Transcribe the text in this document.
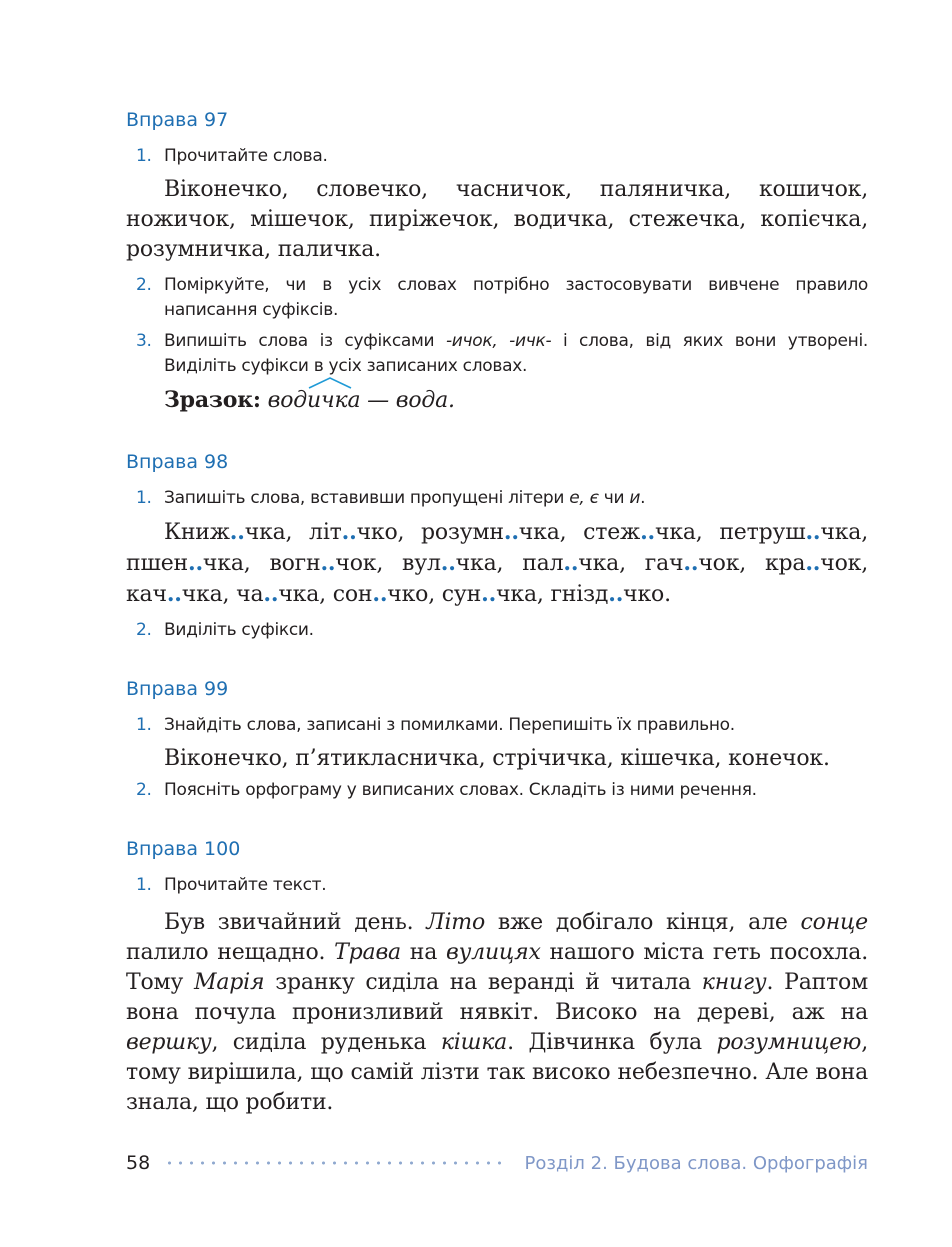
Вправа 97
1. Прочитайте слова.
Віконечко, словечко, часничок, паляничка, кошичок, ножичок, мішечок, пиріжечок, водичка, стежечка, копієчка, розумничка, паличка.
2. Поміркуйте, чи в усіх словах потрібно застосовувати вивчене правило написання суфіксів.
3. Випишіть слова із суфіксами -ичок, -ичк- і слова, від яких вони утворені. Виділіть суфікси в усіх записаних словах.
Зразок: вод
ичка — вода.
Вправа 98
1. Запишіть слова, вставивши пропущені літери е, є чи и.
Книж..чка, літ..чко, розумн..чка, стеж..чка, петруш..чка, пшен..чка, вогн..чок, вул..чка, пал..чка, гач..чок, кра..чок, кач..чка, ча..чка, сон..чко, сун..чка, гнізд..чко.
2. Виділіть суфікси.
Вправа 99
1. Знайдіть слова, записані з помилками. Перепишіть їх правильно.
Віконечко, п’ятикласничка, стрічичка, кішечка, конечок.
2. Поясніть орфограму у виписаних словах. Складіть із ними речення.
Вправа 100
1. Прочитайте текст.
Був звичайний день. Літо вже добігало кінця, але сонце палило нещадно. Трава на вулицях нашого міста геть посохла. Тому Марія зранку сиділа на веранді й читала книгу. Раптом вона почула пронизливий нявкіт. Високо на дереві, аж на вершку, сиділа руденька кішка. Дівчинка була розумницею, тому вирішила, що самій лізти так високо небезпечно. Але вона знала, що робити.
58	Розділ 2. Будова слова. Орфографія
